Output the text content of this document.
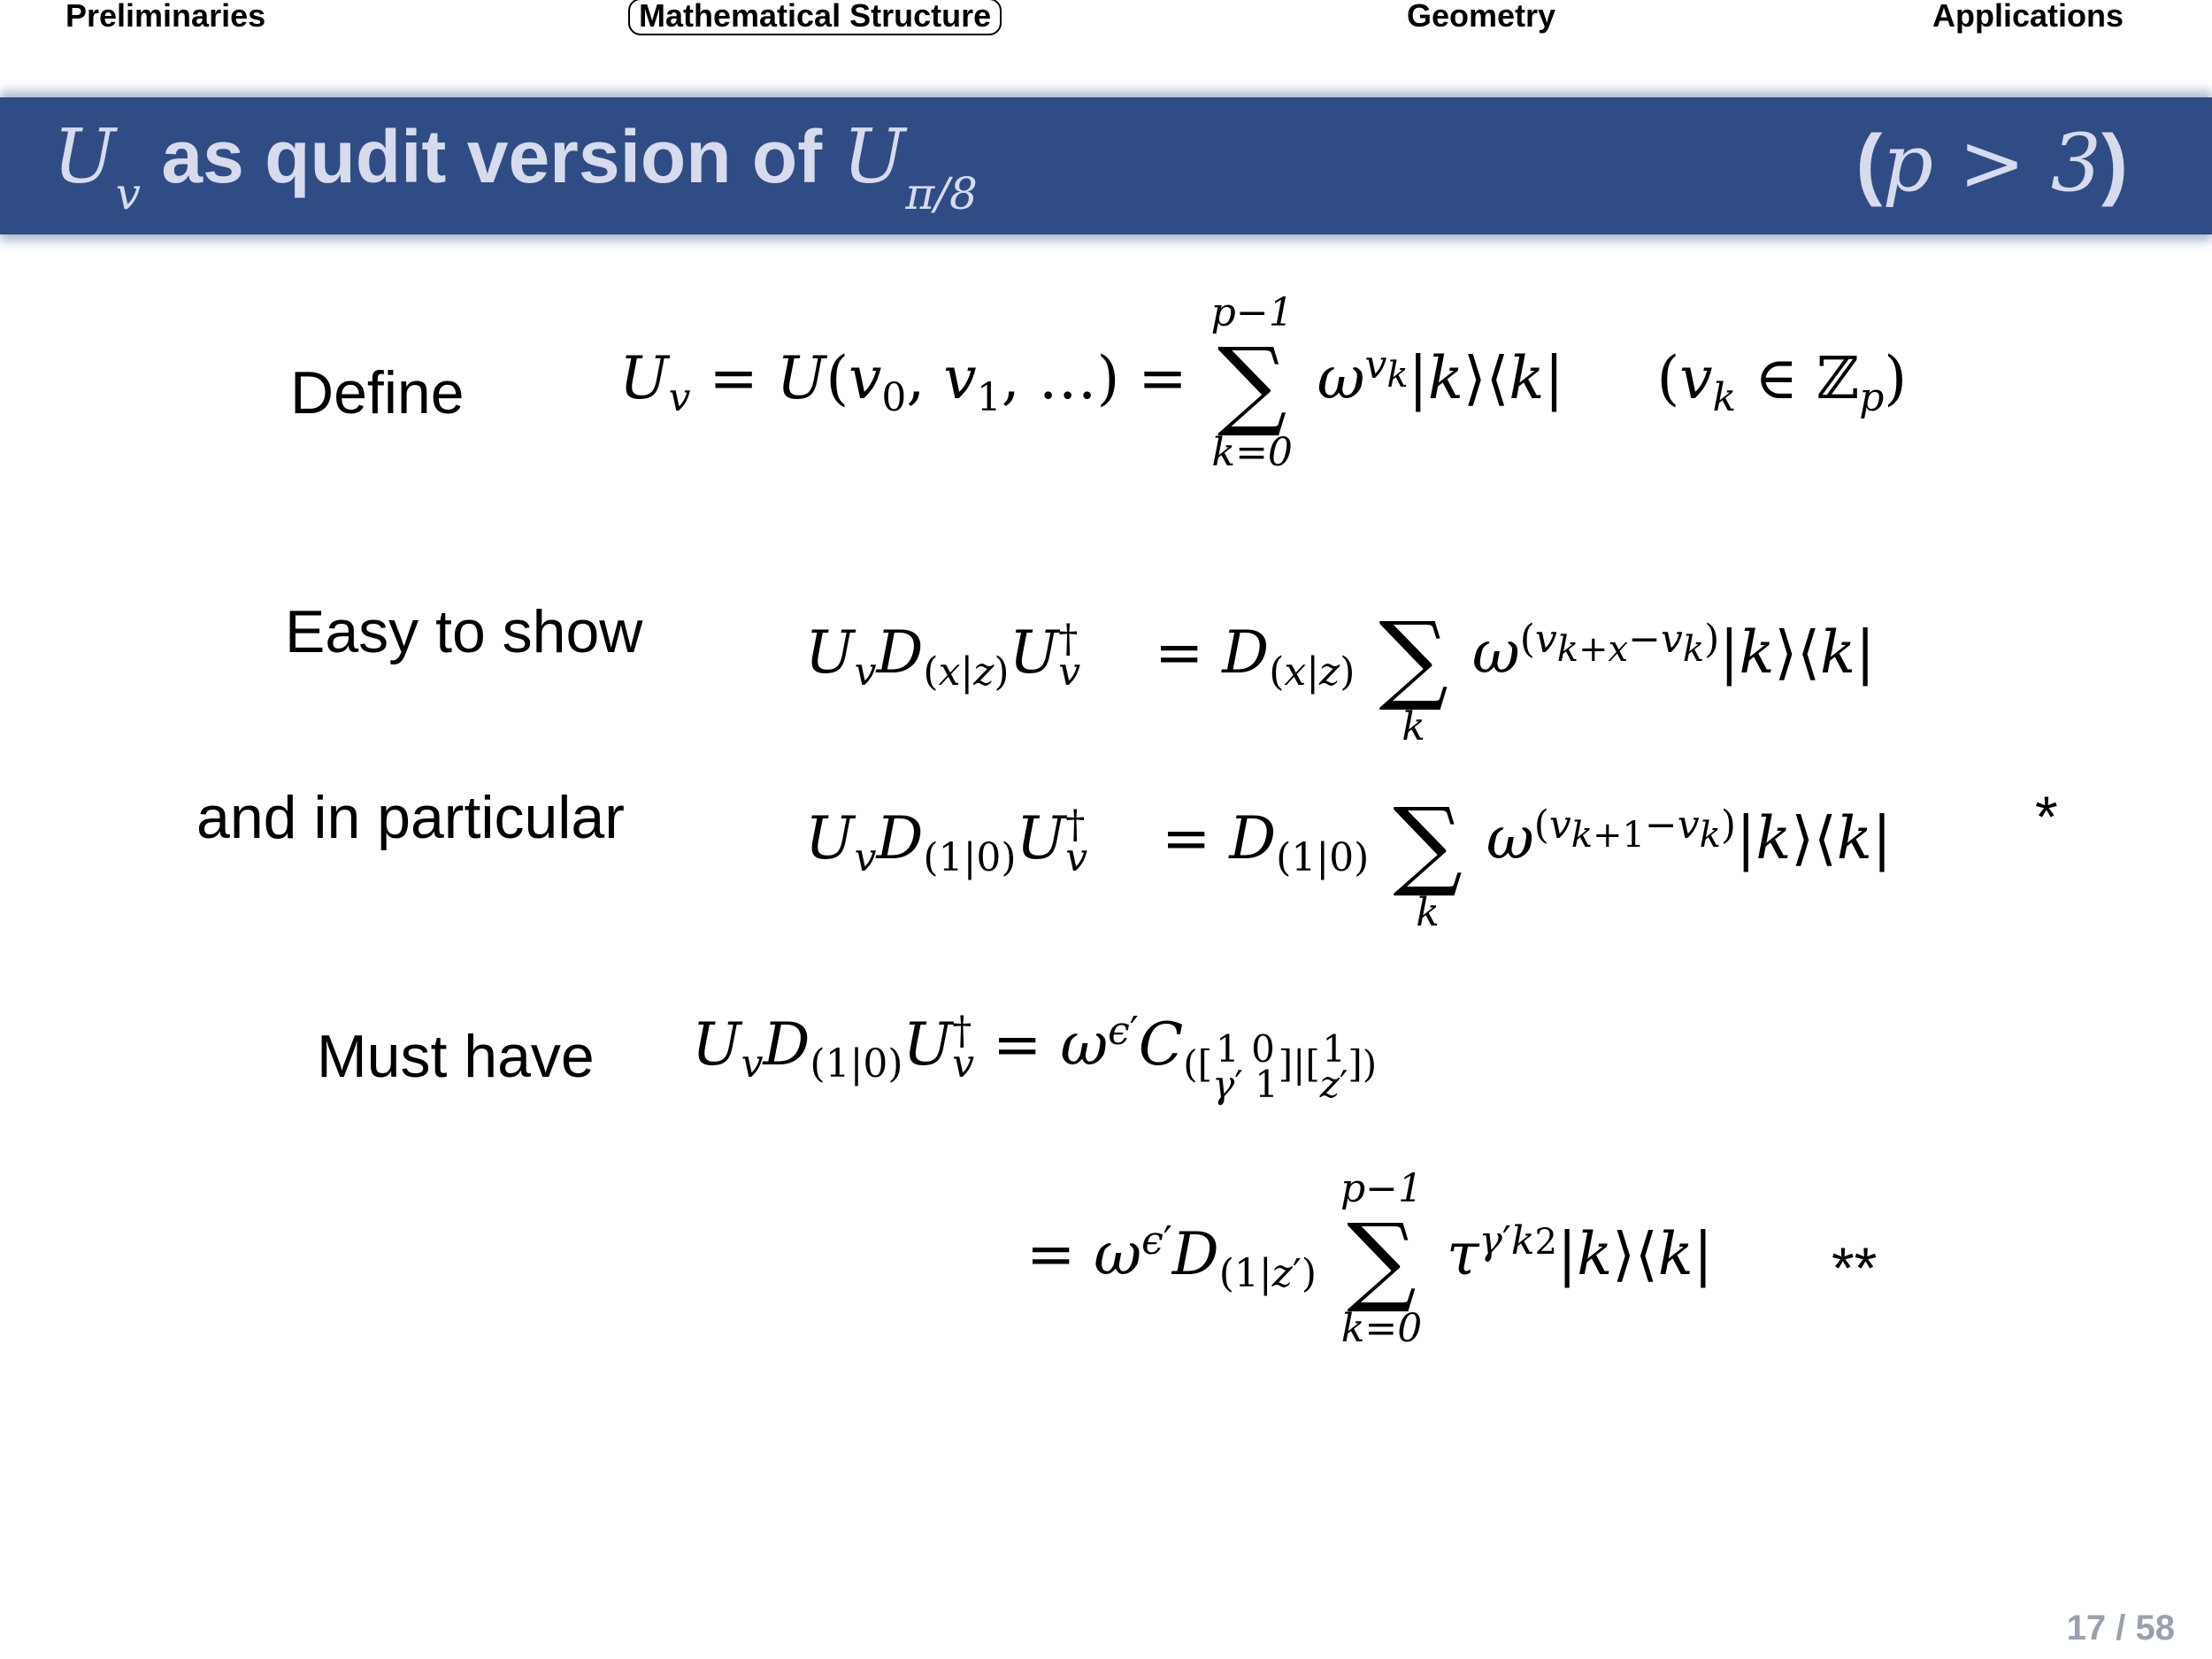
Preliminaries	Mathematical Structure	Geometry	Applications
$U_v$ as qudit version of $U_{\pi/8}$	(p > 3)
Define	$U_v = U(v_0$, $v_1$, …) =
p−1
∑
k=0
$\omega^{v_k}|k⟩⟨k|$     ($v_k$ ∈ ℤ$_p$)
Easy to show	$U_vD_{(x|z)}U^\dagger_v$    = $D_{(x|z)}$
∑
k
$\omega^{(v_{k+x}-v_k)}|k⟩⟨k|$
and in particular	$U_vD_{(1|0)}U^\dagger_v$    = $D_{(1|0)}$
∑
k
$\omega^{(v_{k+1}-v_k)}|k⟩⟨k|$ *
Must have $U_vD_{(1|0)}U^\dagger_v = \omega^{\epsilon'}C_{([1 0 \gamma' 1]|[1 z'])}$
= $\omega^{\epsilon'}D_{(1|z')}$
p−1
∑
k=0
$\tau^{\gamma'k2}|k⟩⟨k|$ **
17 / 58
